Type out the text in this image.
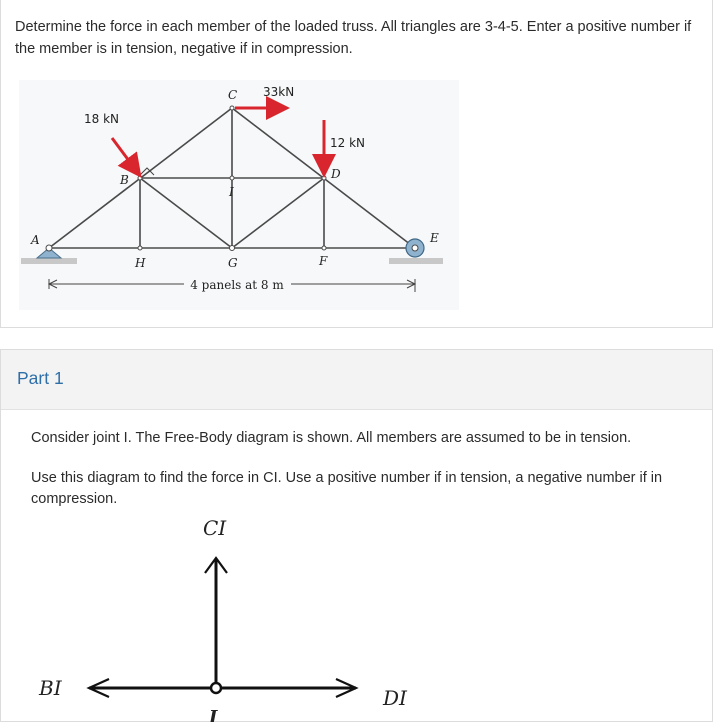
Determine the force in each member of the loaded truss. All triangles are 3-4-5. Enter a positive number if the member is in tension, negative if in compression.
33kN
18 kN
12 kN
C
B
I
D
H	G	F
A	E
4 panels at 8 m
Part 1
Consider joint I. The Free-Body diagram is shown. All members are assumed to be in tension.
Use this diagram to find the force in CI. Use a positive number if in tension, a negative number if in compression.
CI
BI	DI
I
